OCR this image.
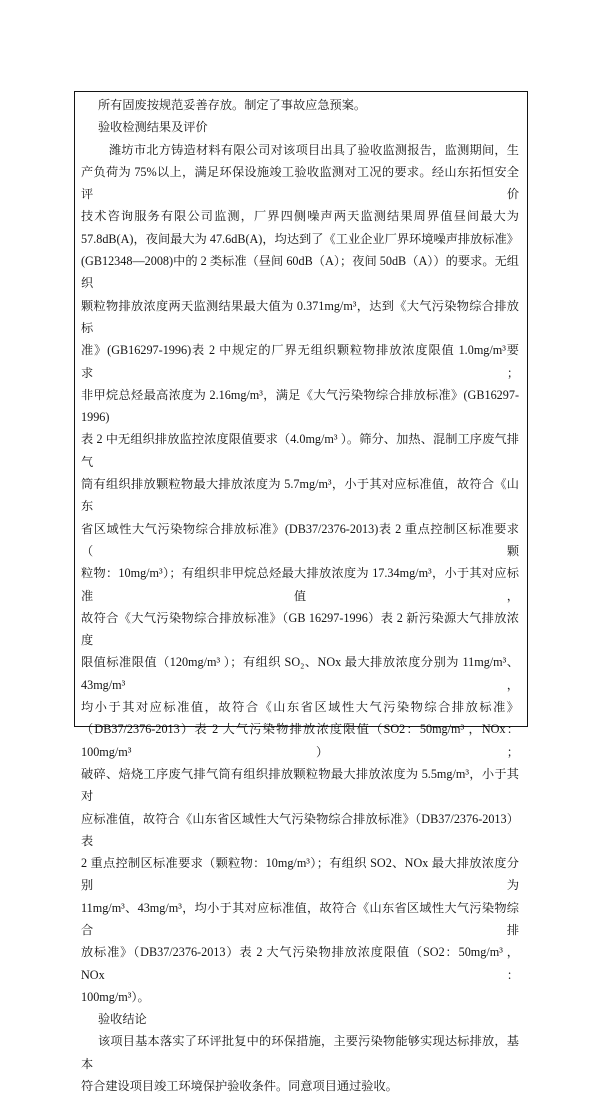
所有固废按规范妥善存放。制定了事故应急预案。
验收检测结果及评价
潍坊市北方铸造材料有限公司对该项目出具了验收监测报告，监测期间，生
产负荷为 75%以上，满足环保设施竣工验收监测对工况的要求。经山东拓恒安全评价
技术咨询服务有限公司监测，厂界四侧噪声两天监测结果周界值昼间最大为
57.8dB(A)，夜间最大为 47.6dB(A)，均达到了《工业企业厂界环境噪声排放标准》
(GB12348—2008)中的 2 类标准（昼间 60dB（A）；夜间 50dB（A））的要求。无组织
颗粒物排放浓度两天监测结果最大值为 0.371mg/m³，达到《大气污染物综合排放标
准》(GB16297-1996)表 2 中规定的厂界无组织颗粒物排放浓度限值 1.0mg/m³要求；
非甲烷总烃最高浓度为 2.16mg/m³，满足《大气污染物综合排放标准》(GB16297-1996)
表 2 中无组织排放监控浓度限值要求（4.0mg/m³ ）。筛分、加热、混制工序废气排气
筒有组织排放颗粒物最大排放浓度为 5.7mg/m³，小于其对应标准值，故符合《山东
省区域性大气污染物综合排放标准》(DB37/2376-2013)表 2 重点控制区标准要求（颗
粒物：10mg/m³）；有组织非甲烷总烃最大排放浓度为 17.34mg/m³，小于其对应标准值，
故符合《大气污染物综合排放标准》（GB 16297-1996）表 2 新污染源大气排放浓度
限值标准限值（120mg/m³ ）；有组织 SO₂、NOx 最大排放浓度分别为 11mg/m³、43mg/m³，
均小于其对应标准值，故符合《山东省区域性大气污染物综合排放标准》
（DB37/2376-2013）表 2 大气污染物排放浓度限值（SO2：50mg/m³ ，NOx：100mg/m³）；
破碎、焙烧工序废气排气筒有组织排放颗粒物最大排放浓度为 5.5mg/m³，小于其对
应标准值，故符合《山东省区域性大气污染物综合排放标准》（DB37/2376-2013）表
2 重点控制区标准要求（颗粒物：10mg/m³）；有组织 SO2、NOx 最大排放浓度分别为
11mg/m³、43mg/m³，均小于其对应标准值，故符合《山东省区域性大气污染物综合排
放标准》（DB37/2376-2013）表 2 大气污染物排放浓度限值（SO2：50mg/m³ ，NOx：
100mg/m³）。
验收结论
该项目基本落实了环评批复中的环保措施，主要污染物能够实现达标排放，基本
符合建设项目竣工环境保护验收条件。同意项目通过验收。
